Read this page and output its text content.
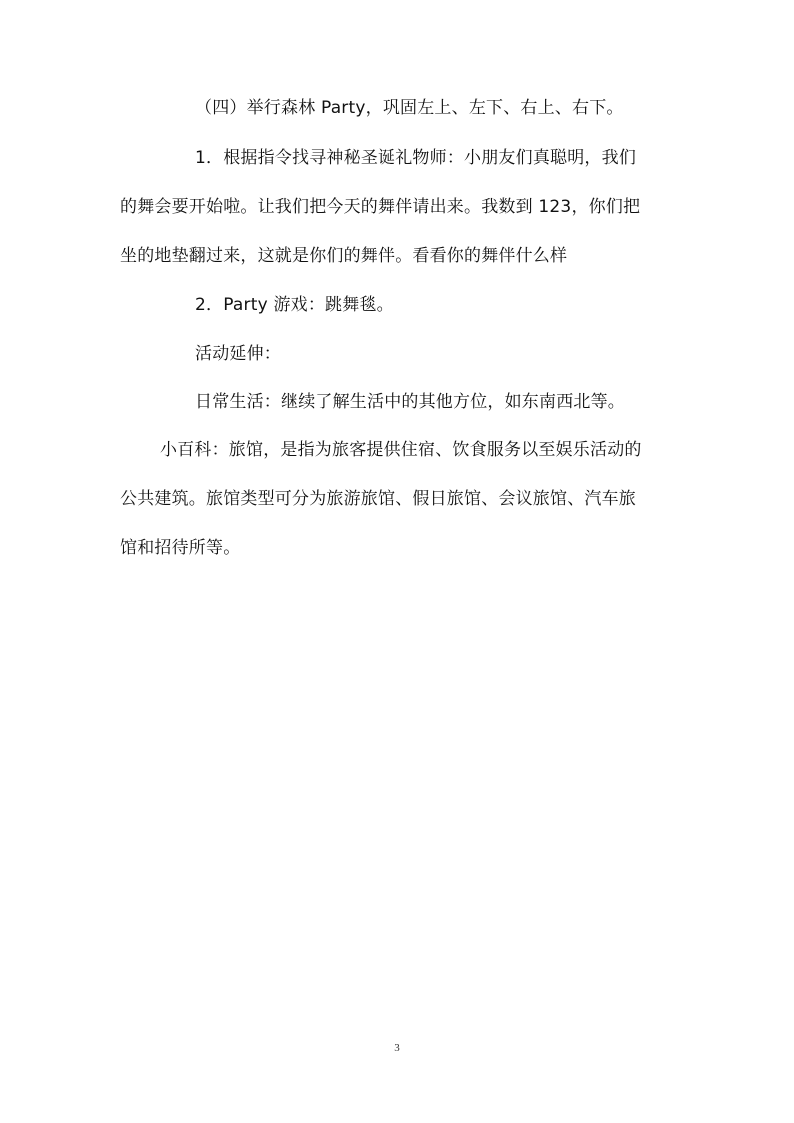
（四）举行森林 Party，巩固左上、左下、右上、右下。
1．根据指令找寻神秘圣诞礼物师：小朋友们真聪明，我们
的舞会要开始啦。让我们把今天的舞伴请出来。我数到 123，你们把
坐的地垫翻过来，这就是你们的舞伴。看看你的舞伴什么样
2．Party 游戏：跳舞毯。
活动延伸：
日常生活：继续了解生活中的其他方位，如东南西北等。
小百科：旅馆，是指为旅客提供住宿、饮食服务以至娱乐活动的
公共建筑。旅馆类型可分为旅游旅馆、假日旅馆、会议旅馆、汽车旅
馆和招待所等。
3
